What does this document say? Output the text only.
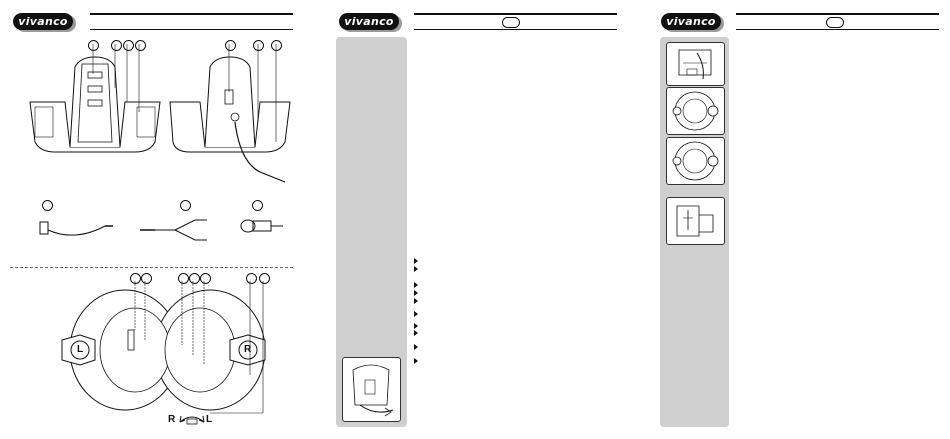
vivanco
L	R
R	L
vivanco	vivanco
